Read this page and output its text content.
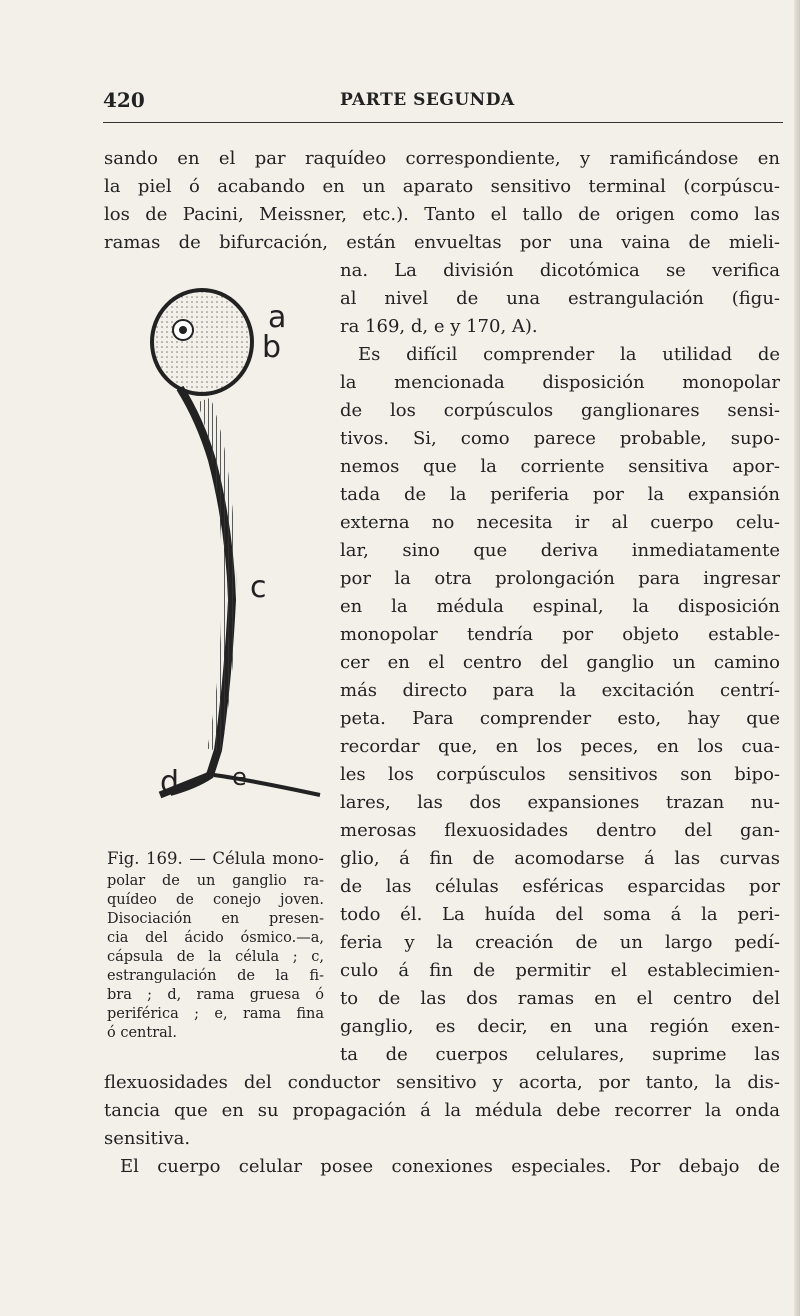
420	PARTE SEGUNDA
sando en el par raquídeo correspondiente, y ramificándose en
la piel ó acabando en un aparato sensitivo terminal (corpúscu-
los de Pacini, Meissner, etc.). Tanto el tallo de origen como las
ramas de bifurcación, están envueltas por una vaina de mieli-
na. La división dicotómica se verifica
al nivel de una estrangulación (figu-
ra 169, d, e y 170, A).
Es difícil comprender la utilidad de
la mencionada disposición monopolar
de los corpúsculos ganglionares sensi-
tivos. Si, como parece probable, supo-
nemos que la corriente sensitiva apor-
tada de la periferia por la expansión
externa no necesita ir al cuerpo celu-
lar, sino que deriva inmediatamente
por la otra prolongación para ingresar
en la médula espinal, la disposición
monopolar tendría por objeto estable-
cer en el centro del ganglio un camino
más directo para la excitación centrí-
peta. Para comprender esto, hay que
recordar que, en los peces, en los cua-
les los corpúsculos sensitivos son bipo-
lares, las dos expansiones trazan nu-
merosas flexuosidades dentro del gan-
glio, á fin de acomodarse á las curvas
de las células esféricas esparcidas por
todo él. La huída del soma á la peri-
feria y la creación de un largo pedí-
culo á fin de permitir el establecimien-
to de las dos ramas en el centro del
ganglio, es decir, en una región exen-
ta de cuerpos celulares, suprime las
a
b
c
d e
Fig. 169. — Célula mono-
polar de un ganglio ra-
quídeo de conejo joven.
Disociación en presen-
cia del ácido ósmico.—a,
cápsula de la célula ; c,
estrangulación de la fi-
bra ; d, rama gruesa ó
periférica ; e, rama fina
ó central.
flexuosidades del conductor sensitivo y acorta, por tanto, la dis-
tancia que en su propagación á la médula debe recorrer la onda
sensitiva.
El cuerpo celular posee conexiones especiales. Por debajo de
